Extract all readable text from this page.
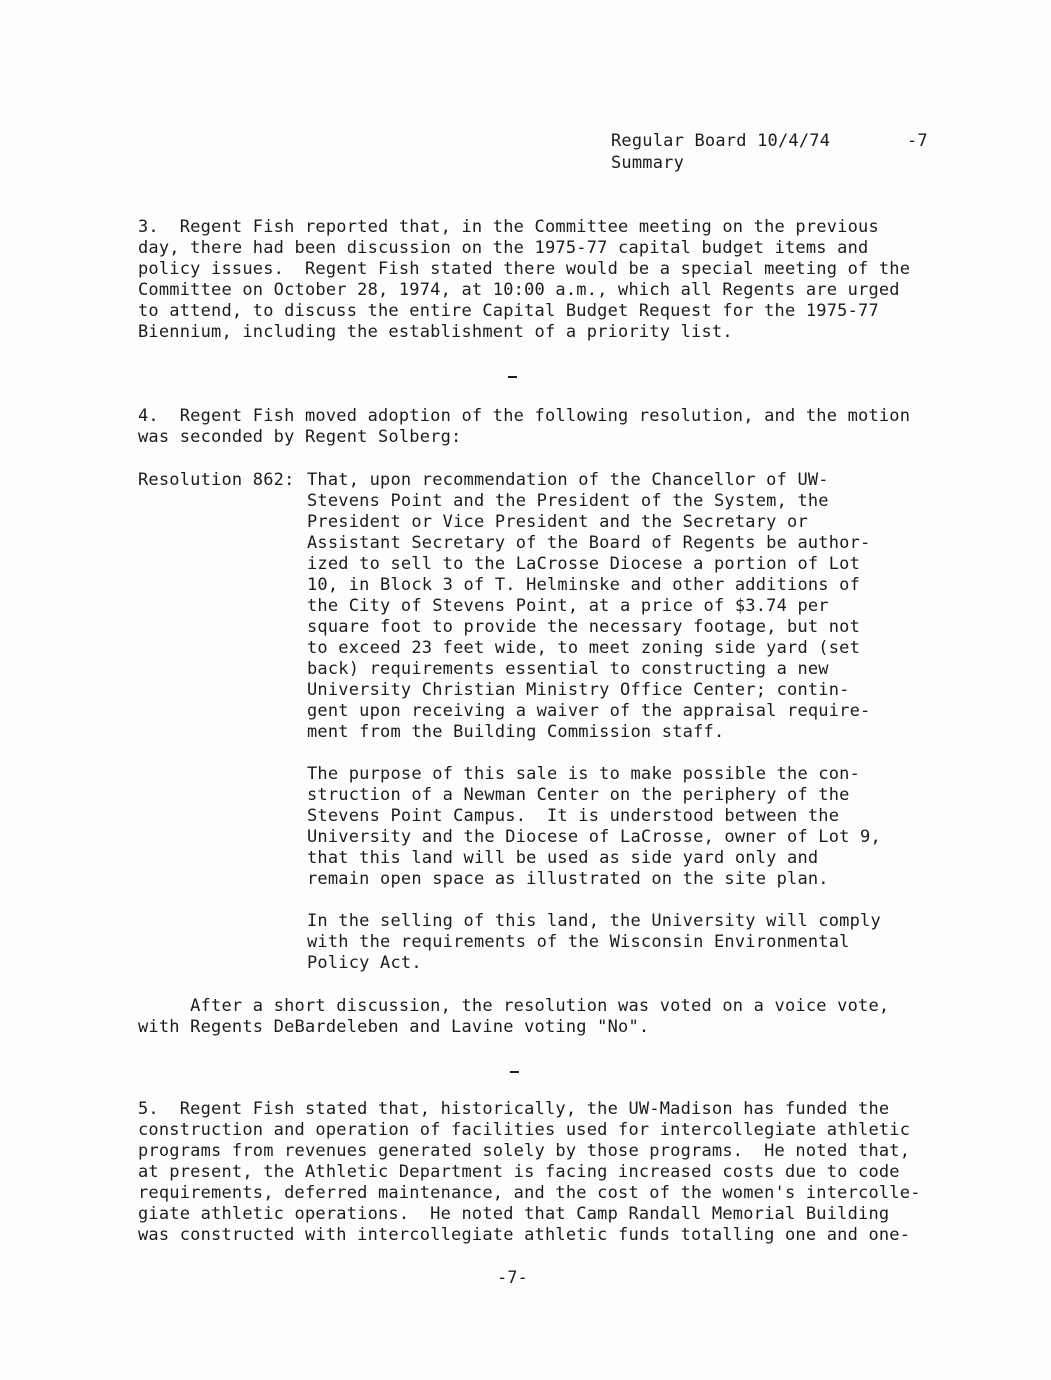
Regular Board 10/4/74	-7
Summary
3.  Regent Fish reported that, in the Committee meeting on the previous
day, there had been discussion on the 1975-77 capital budget items and
policy issues.  Regent Fish stated there would be a special meeting of the
Committee on October 28, 1974, at 10:00 a.m., which all Regents are urged
to attend, to discuss the entire Capital Budget Request for the 1975-77
Biennium, including the establishment of a priority list.
4.  Regent Fish moved adoption of the following resolution, and the motion
was seconded by Regent Solberg:
Resolution 862: That, upon recommendation of the Chancellor of UW-
Stevens Point and the President of the System, the
President or Vice President and the Secretary or
Assistant Secretary of the Board of Regents be author-
ized to sell to the LaCrosse Diocese a portion of Lot
10, in Block 3 of T. Helminske and other additions of
the City of Stevens Point, at a price of $3.74 per
square foot to provide the necessary footage, but not
to exceed 23 feet wide, to meet zoning side yard (set
back) requirements essential to constructing a new
University Christian Ministry Office Center; contin-
gent upon receiving a waiver of the appraisal require-
ment from the Building Commission staff.
The purpose of this sale is to make possible the con-
struction of a Newman Center on the periphery of the
Stevens Point Campus.  It is understood between the
University and the Diocese of LaCrosse, owner of Lot 9,
that this land will be used as side yard only and
remain open space as illustrated on the site plan.
In the selling of this land, the University will comply
with the requirements of the Wisconsin Environmental
Policy Act.
After a short discussion, the resolution was voted on a voice vote,
with Regents DeBardeleben and Lavine voting "No".
5.  Regent Fish stated that, historically, the UW-Madison has funded the
construction and operation of facilities used for intercollegiate athletic
programs from revenues generated solely by those programs.  He noted that,
at present, the Athletic Department is facing increased costs due to code
requirements, deferred maintenance, and the cost of the women's intercolle-
giate athletic operations.  He noted that Camp Randall Memorial Building
was constructed with intercollegiate athletic funds totalling one and one-
-7-
